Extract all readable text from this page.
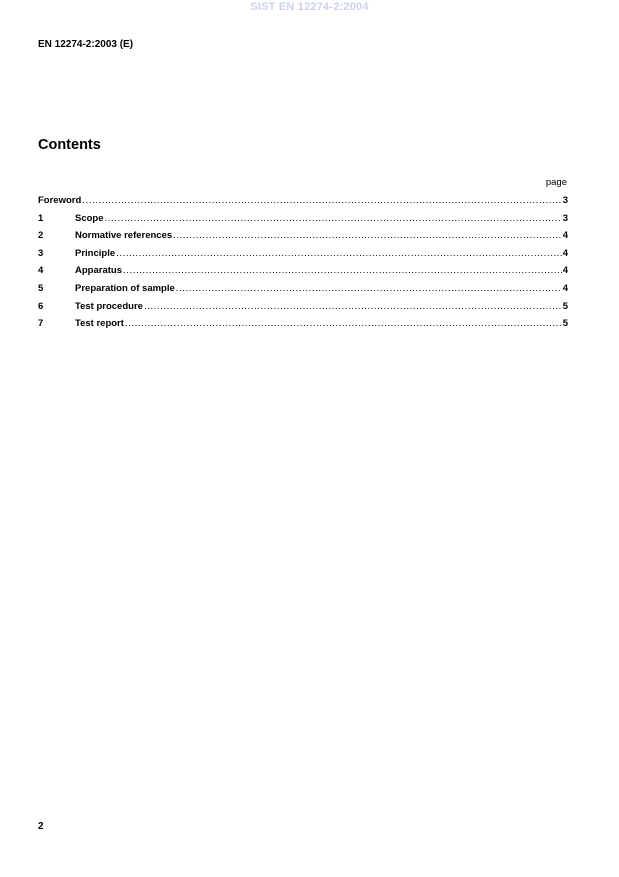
SIST EN 12274-2:2004
EN 12274-2:2003 (E)
Contents
page
Foreword .....	3
1	Scope .....	3
2	Normative references .....	4
3	Principle .....	4
4	Apparatus .....	4
5	Preparation of sample .....	4
6	Test procedure .....	5
7	Test report .....	5
2
